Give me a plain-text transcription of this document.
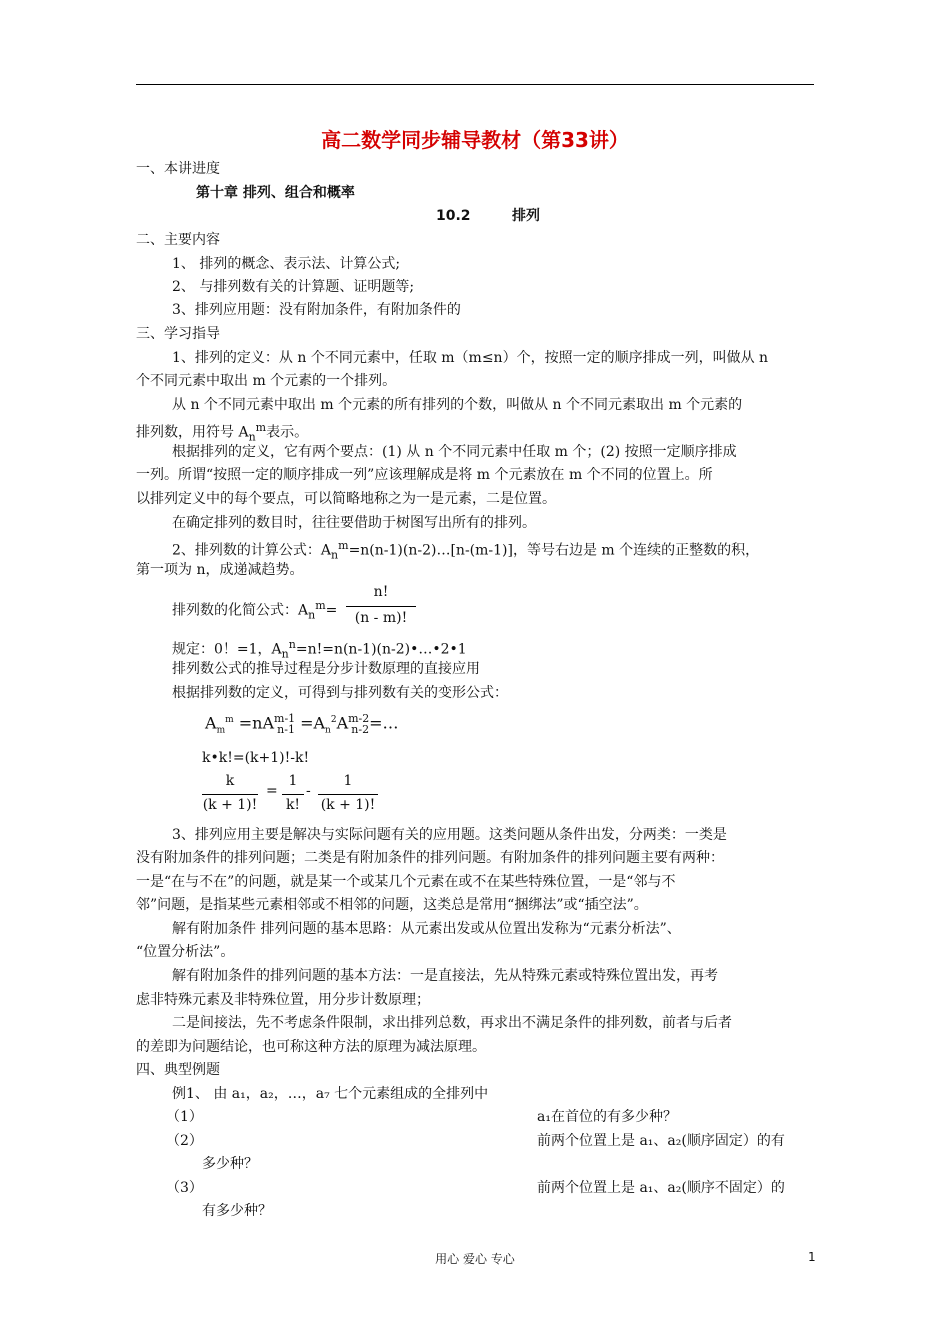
高二数学同步辅导教材（第33讲）
一、本讲进度
第十章 排列、组合和概率
10.2	排列
二、主要内容
1、 排列的概念、表示法、计算公式;
2、 与排列数有关的计算题、证明题等;
3、排列应用题：没有附加条件，有附加条件的
三、学习指导
1、排列的定义：从 n 个不同元素中，任取 m（m≤n）个，按照一定的顺序排成一列，叫做从 n
个不同元素中取出 m 个元素的一个排列。
从 n 个不同元素中取出 m 个元素的所有排列的个数，叫做从 n 个不同元素取出 m 个元素的
排列数，用符号 $A_n^m$表示。
根据排列的定义，它有两个要点：(1) 从 n 个不同元素中任取 m 个；(2) 按照一定顺序排成
一列。所谓“按照一定的顺序排成一列”应该理解成是将 m 个元素放在 m 个不同的位置上。所
以排列定义中的每个要点，可以简略地称之为一是元素，二是位置。
在确定排列的数目时，往往要借助于树图写出所有的排列。
2、排列数的计算公式：$A_n^m=n(n-1)(n-2)\dots[n-(m-1)]$，等号右边是 m 个连续的正整数的积，
第一项为 n，成递减趋势。
排列数的化简公式：$A_n^m=$
n!
(n - m)!
规定：0！=1，$A_n^n=n!=n(n-1)(n-2)•\dots•2•1$
排列数公式的推导过程是分步计数原理的直接应用
根据排列数的定义，可得到与排列数有关的变形公式：
$A_m^m =nA^{m-1}_{n-1}$ $=A_n^2A^{m-2}_{n-2}=\dots$
k•k!=(k+1)!-k!
k
(k + 1)!
=
1
k!
-
1
(k + 1)!
3、排列应用主要是解决与实际问题有关的应用题。这类问题从条件出发，分两类：一类是
没有附加条件的排列问题；二类是有附加条件的排列问题。有附加条件的排列问题主要有两种：
一是“在与不在”的问题，就是某一个或某几个元素在或不在某些特殊位置，一是“邻与不
邻”问题，是指某些元素相邻或不相邻的问题，这类总是常用“捆绑法”或“插空法”。
解有附加条件 排列问题的基本思路：从元素出发或从位置出发称为“元素分析法”、
“位置分析法”。
解有附加条件的排列问题的基本方法：一是直接法，先从特殊元素或特殊位置出发，再考
虑非特殊元素及非特殊位置，用分步计数原理；
二是间接法，先不考虑条件限制，求出排列总数，再求出不满足条件的排列数，前者与后者
的差即为问题结论，也可称这种方法的原理为减法原理。
四、典型例题
例1、 由 a₁，a₂，…，a₇ 七个元素组成的全排列中
（1）	a₁在首位的有多少种？
（2）	前两个位置上是 a₁、a₂(顺序固定）的有
多少种？
（3）	前两个位置上是 a₁、a₂(顺序不固定）的
有多少种？
用心 爱心 专心	1
